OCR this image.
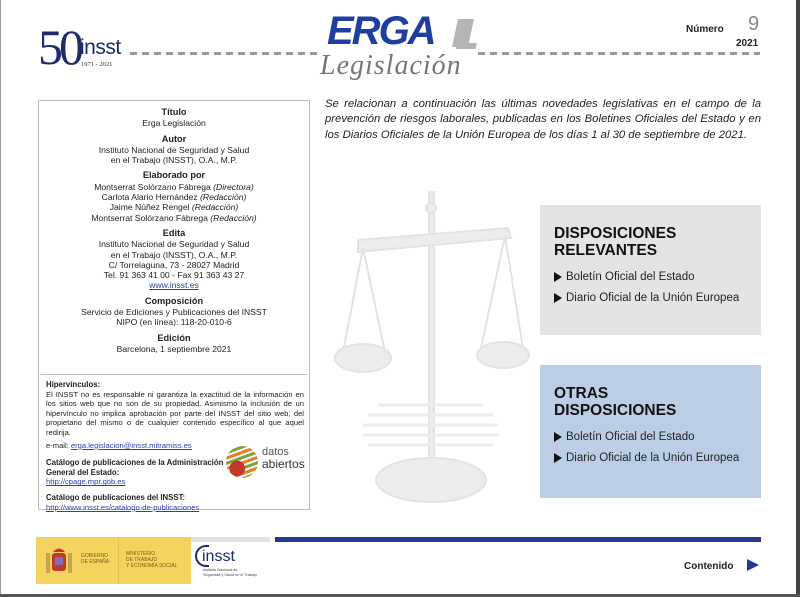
50 insst
1971 - 2021
ERGA
Legislación
Número 9
2021
Título
Erga Legislación
Autor
Instituto Nacional de Seguridad y Salud
en el Trabajo (INSST), O.A., M.P.
Elaborado por
Montserrat Solórzano Fábrega (Directora)
Carlota Alario Hernández (Redacción)
Jaime Núñez Rengel (Redacción)
Montserrat Solórzano Fábrega (Redacción)
Edita
Instituto Nacional de Seguridad y Salud
en el Trabajo (INSST), O.A., M.P.
C/ Torrelaguna, 73 - 28027 Madrid
Tel. 91 363 41 00 - Fax 91 363 43 27
www.insst.es
Composición
Servicio de Ediciones y Publicaciones del INSST
NIPO (en línea): 118-20-010-6
Edición
Barcelona, 1 septiembre 2021
Hipervínculos:
El INSST no es responsable ni garantiza la exactitud de la información en los sitios web que no son de su propiedad. Asimismo la inclusión de un hipervínculo no implica aprobación por parte del INSST del sitio web, del propietario del mismo o de cualquier contenido específico al que aquel redirija.
e-mail: erga.legislacion@insst.mitramiss.es
Catálogo de publicaciones de la Administración
General del Estado:
http://cpage.mpr.gob.es
Catálogo de publicaciones del INSST:
http://www.insst.es/catalogo-de-publicaciones
datos
abiertos
Se relacionan a continuación las últimas novedades legislativas en el campo de la prevención de riesgos laborales, publicadas en los Boletines Oficiales del Estado y en los Diarios Oficiales de la Unión Europea de los días 1 al 30 de septiembre de 2021.
DISPOSICIONES
RELEVANTES
Boletín Oficial del Estado
Diario Oficial de la Unión Europea
OTRAS
DISPOSICIONES
Boletín Oficial del Estado
Diario Oficial de la Unión Europea
GOBIERNO
DE ESPAÑA
MINISTERIO
DE TRABAJO
Y ECONOMÍA SOCIAL
insst
Instituto Nacional de
Seguridad y Salud en el Trabajo
Contenido
